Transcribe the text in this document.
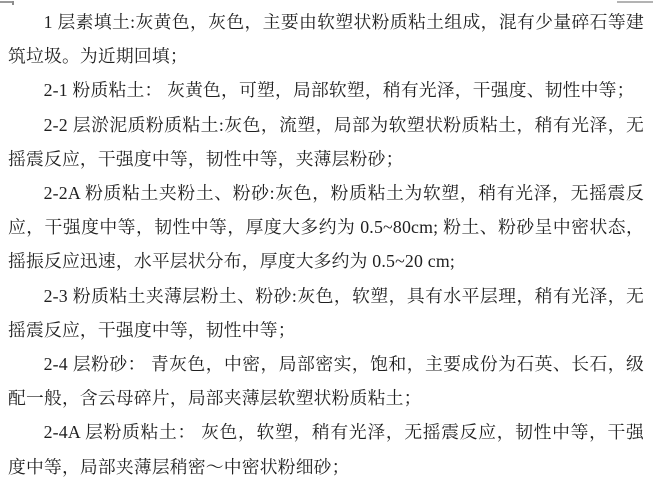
1 层素填土:灰黄色，灰色，主要由软塑状粉质粘土组成，混有少量碎石等建筑垃圾。为近期回填；

2-1 粉质粘土： 灰黄色，可塑，局部软塑，稍有光泽，干强度、韧性中等；

2-2 层淤泥质粉质粘土:灰色，流塑，局部为软塑状粉质粘土，稍有光泽，无摇震反应，干强度中等，韧性中等，夹薄层粉砂；

2-2A 粉质粘土夹粉土、粉砂:灰色，粉质粘土为软塑，稍有光泽，无摇震反应，干强度中等，韧性中等，厚度大多约为 0.5~80cm; 粉土、粉砂呈中密状态，摇振反应迅速，水平层状分布，厚度大多约为 0.5~20 cm;

2-3 粉质粘土夹薄层粉土、粉砂:灰色，软塑，具有水平层理，稍有光泽，无摇震反应，干强度中等，韧性中等；

2-4 层粉砂： 青灰色，中密，局部密实，饱和，主要成份为石英、长石，级配一般，含云母碎片，局部夹薄层软塑状粉质粘土；

2-4A 层粉质粘土： 灰色，软塑，稍有光泽，无摇震反应，韧性中等，干强度中等，局部夹薄层稍密～中密状粉细砂；
